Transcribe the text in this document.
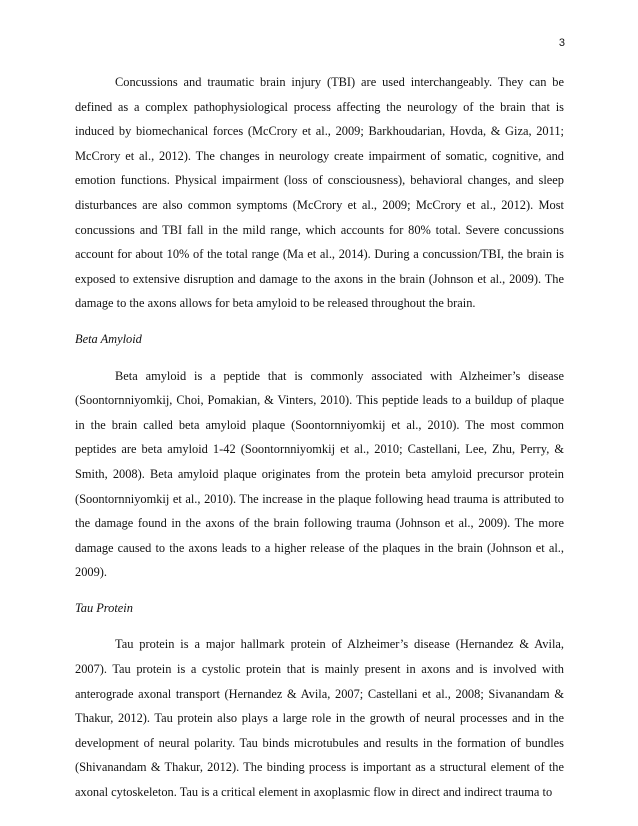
3

Concussions and traumatic brain injury (TBI) are used interchangeably. They can be defined as a complex pathophysiological process affecting the neurology of the brain that is induced by biomechanical forces (McCrory et al., 2009; Barkhoudarian, Hovda, & Giza, 2011; McCrory et al., 2012). The changes in neurology create impairment of somatic, cognitive, and emotion functions. Physical impairment (loss of consciousness), behavioral changes, and sleep disturbances are also common symptoms (McCrory et al., 2009; McCrory et al., 2012). Most concussions and TBI fall in the mild range, which accounts for 80% total. Severe concussions account for about 10% of the total range (Ma et al., 2014). During a concussion/TBI, the brain is exposed to extensive disruption and damage to the axons in the brain (Johnson et al., 2009). The damage to the axons allows for beta amyloid to be released throughout the brain.

Beta Amyloid

Beta amyloid is a peptide that is commonly associated with Alzheimer’s disease (Soontornniyomkij, Choi, Pomakian, & Vinters, 2010). This peptide leads to a buildup of plaque in the brain called beta amyloid plaque (Soontornniyomkij et al., 2010). The most common peptides are beta amyloid 1-42 (Soontornniyomkij et al., 2010; Castellani, Lee, Zhu, Perry, & Smith, 2008). Beta amyloid plaque originates from the protein beta amyloid precursor protein (Soontornniyomkij et al., 2010). The increase in the plaque following head trauma is attributed to the damage found in the axons of the brain following trauma (Johnson et al., 2009). The more damage caused to the axons leads to a higher release of the plaques in the brain (Johnson et al., 2009).

Tau Protein

Tau protein is a major hallmark protein of Alzheimer’s disease (Hernandez & Avila, 2007). Tau protein is a cystolic protein that is mainly present in axons and is involved with anterograde axonal transport (Hernandez & Avila, 2007; Castellani et al., 2008; Sivanandam & Thakur, 2012). Tau protein also plays a large role in the growth of neural processes and in the development of neural polarity. Tau binds microtubules and results in the formation of bundles (Shivanandam & Thakur, 2012). The binding process is important as a structural element of the axonal cytoskeleton. Tau is a critical element in axoplasmic flow in direct and indirect trauma to
